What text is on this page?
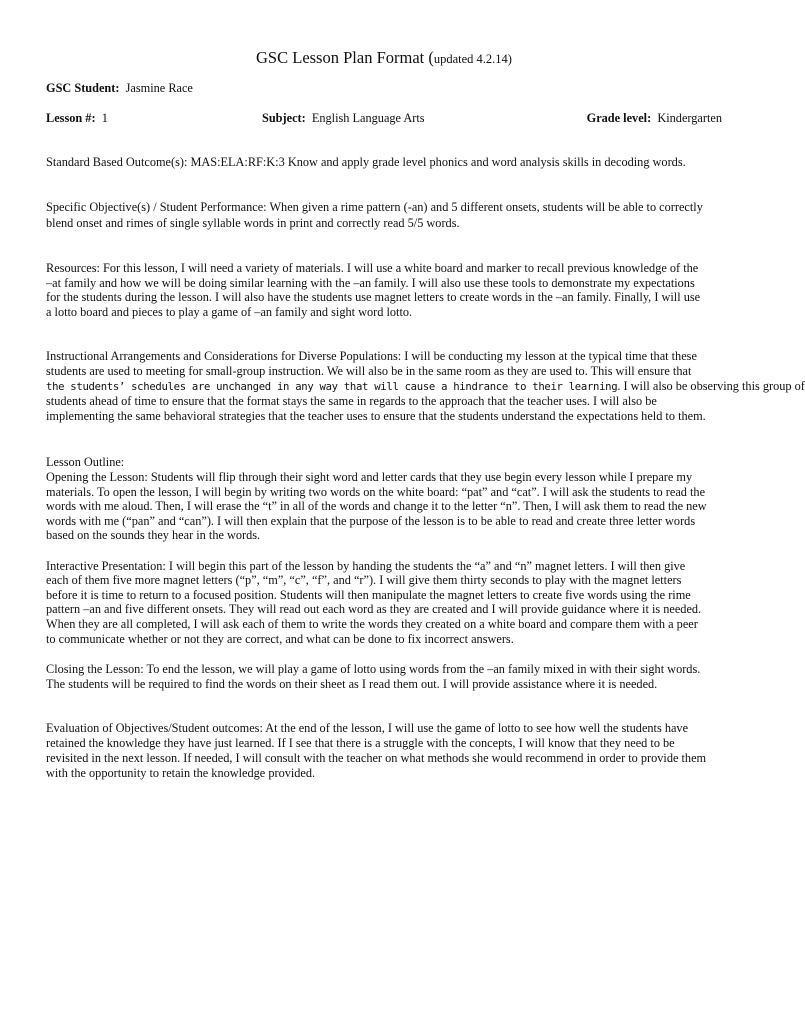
GSC Lesson Plan Format (updated 4.2.14)
GSC Student: Jasmine Race
Lesson #: 1	Subject: English Language Arts	Grade level: Kindergarten
Standard Based Outcome(s): MAS:ELA:RF:K:3 Know and apply grade level phonics and word analysis skills in decoding words.
Specific Objective(s) / Student Performance: When given a rime pattern (-an) and 5 different onsets, students will be able to correctly
blend onset and rimes of single syllable words in print and correctly read 5/5 words.
Resources: For this lesson, I will need a variety of materials. I will use a white board and marker to recall previous knowledge of the
–at family and how we will be doing similar learning with the –an family. I will also use these tools to demonstrate my expectations
for the students during the lesson. I will also have the students use magnet letters to create words in the –an family. Finally, I will use
a lotto board and pieces to play a game of –an family and sight word lotto.
Instructional Arrangements and Considerations for Diverse Populations: I will be conducting my lesson at the typical time that these
students are used to meeting for small-group instruction. We will also be in the same room as they are used to. This will ensure that
the students’ schedules are unchanged in any way that will cause a hindrance to their learning. I will also be observing this group of
students ahead of time to ensure that the format stays the same in regards to the approach that the teacher uses. I will also be
implementing the same behavioral strategies that the teacher uses to ensure that the students understand the expectations held to them.
Lesson Outline:
Opening the Lesson: Students will flip through their sight word and letter cards that they use begin every lesson while I prepare my
materials. To open the lesson, I will begin by writing two words on the white board: “pat” and “cat”. I will ask the students to read the
words with me aloud. Then, I will erase the “t” in all of the words and change it to the letter “n”. Then, I will ask them to read the new
words with me (“pan” and “can”). I will then explain that the purpose of the lesson is to be able to read and create three letter words
based on the sounds they hear in the words.
Interactive Presentation: I will begin this part of the lesson by handing the students the “a” and “n” magnet letters. I will then give
each of them five more magnet letters (“p”, “m”, “c”, “f”, and “r”). I will give them thirty seconds to play with the magnet letters
before it is time to return to a focused position. Students will then manipulate the magnet letters to create five words using the rime
pattern –an and five different onsets. They will read out each word as they are created and I will provide guidance where it is needed.
When they are all completed, I will ask each of them to write the words they created on a white board and compare them with a peer
to communicate whether or not they are correct, and what can be done to fix incorrect answers.
Closing the Lesson: To end the lesson, we will play a game of lotto using words from the –an family mixed in with their sight words.
The students will be required to find the words on their sheet as I read them out. I will provide assistance where it is needed.
Evaluation of Objectives/Student outcomes: At the end of the lesson, I will use the game of lotto to see how well the students have
retained the knowledge they have just learned. If I see that there is a struggle with the concepts, I will know that they need to be
revisited in the next lesson. If needed, I will consult with the teacher on what methods she would recommend in order to provide them
with the opportunity to retain the knowledge provided.
